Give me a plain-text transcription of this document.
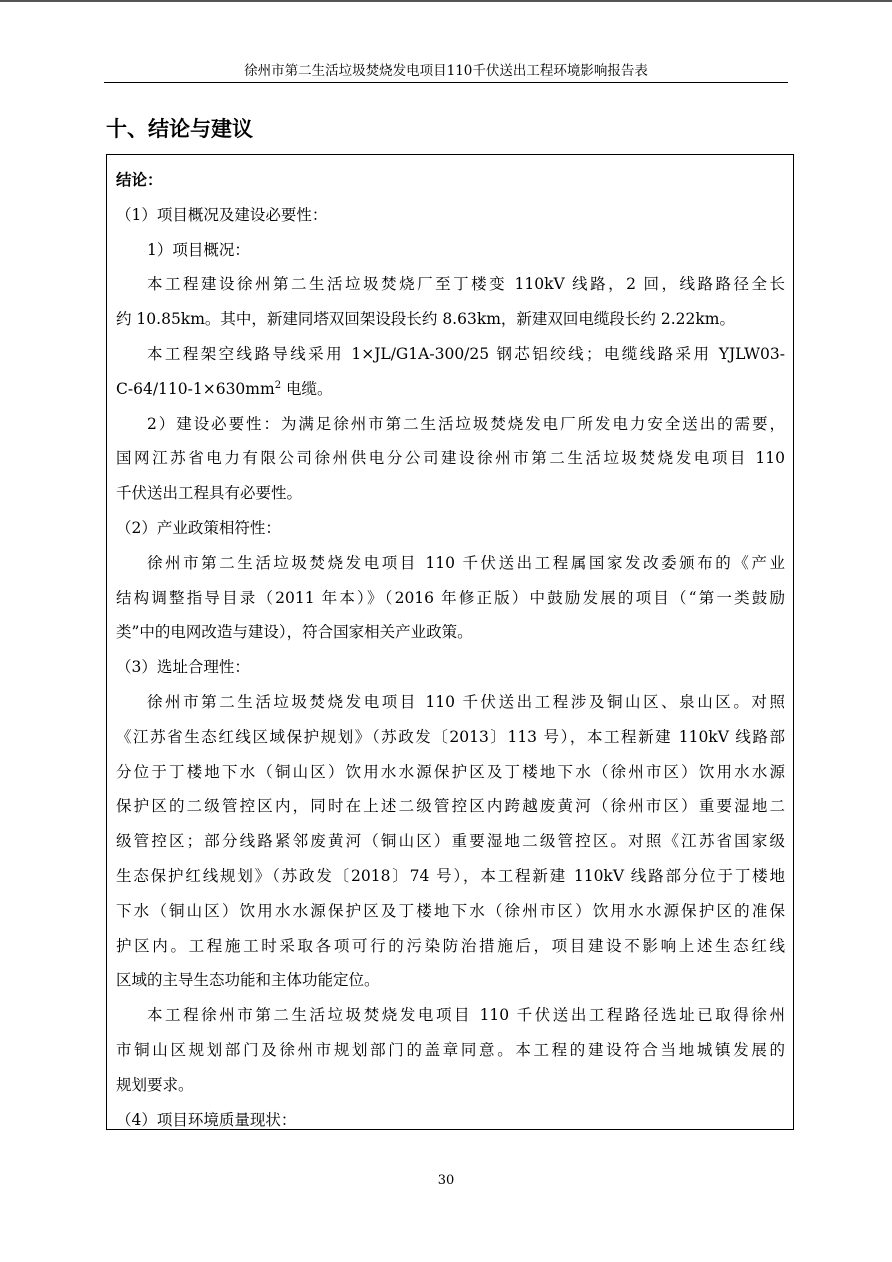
徐州市第二生活垃圾焚烧发电项目110千伏送出工程环境影响报告表
十、结论与建议

结论：

（1）项目概况及建设必要性：

1）项目概况：

本工程建设徐州第二生活垃圾焚烧厂至丁楼变 110kV 线路，2 回，线路路径全长

约 10.85km。其中，新建同塔双回架设段长约 8.63km，新建双回电缆段长约 2.22km。

本工程架空线路导线采用 1×JL/G1A-300/25 钢芯铝绞线；电缆线路采用 YJLW03-

$C-64/110-1\times 630mm^2$ 电缆。

2）建设必要性：为满足徐州市第二生活垃圾焚烧发电厂所发电力安全送出的需要，

国网江苏省电力有限公司徐州供电分公司建设徐州市第二生活垃圾焚烧发电项目 110

千伏送出工程具有必要性。

（2）产业政策相符性：

徐州市第二生活垃圾焚烧发电项目 110 千伏送出工程属国家发改委颁布的《产业

结构调整指导目录（2011 年本）》（2016 年修正版）中鼓励发展的项目（“第一类鼓励

类”中的电网改造与建设），符合国家相关产业政策。

（3）选址合理性：

徐州市第二生活垃圾焚烧发电项目 110 千伏送出工程涉及铜山区、泉山区。对照

《江苏省生态红线区域保护规划》（苏政发〔2013〕113 号），本工程新建 110kV 线路部

分位于丁楼地下水（铜山区）饮用水水源保护区及丁楼地下水（徐州市区）饮用水水源

保护区的二级管控区内，同时在上述二级管控区内跨越废黄河（徐州市区）重要湿地二

级管控区；部分线路紧邻废黄河（铜山区）重要湿地二级管控区。对照《江苏省国家级

生态保护红线规划》（苏政发〔2018〕74 号），本工程新建 110kV 线路部分位于丁楼地

下水（铜山区）饮用水水源保护区及丁楼地下水（徐州市区）饮用水水源保护区的准保

护区内。工程施工时采取各项可行的污染防治措施后，项目建设不影响上述生态红线

区域的主导生态功能和主体功能定位。

本工程徐州市第二生活垃圾焚烧发电项目 110 千伏送出工程路径选址已取得徐州

市铜山区规划部门及徐州市规划部门的盖章同意。本工程的建设符合当地城镇发展的

规划要求。

（4）项目环境质量现状：

30
